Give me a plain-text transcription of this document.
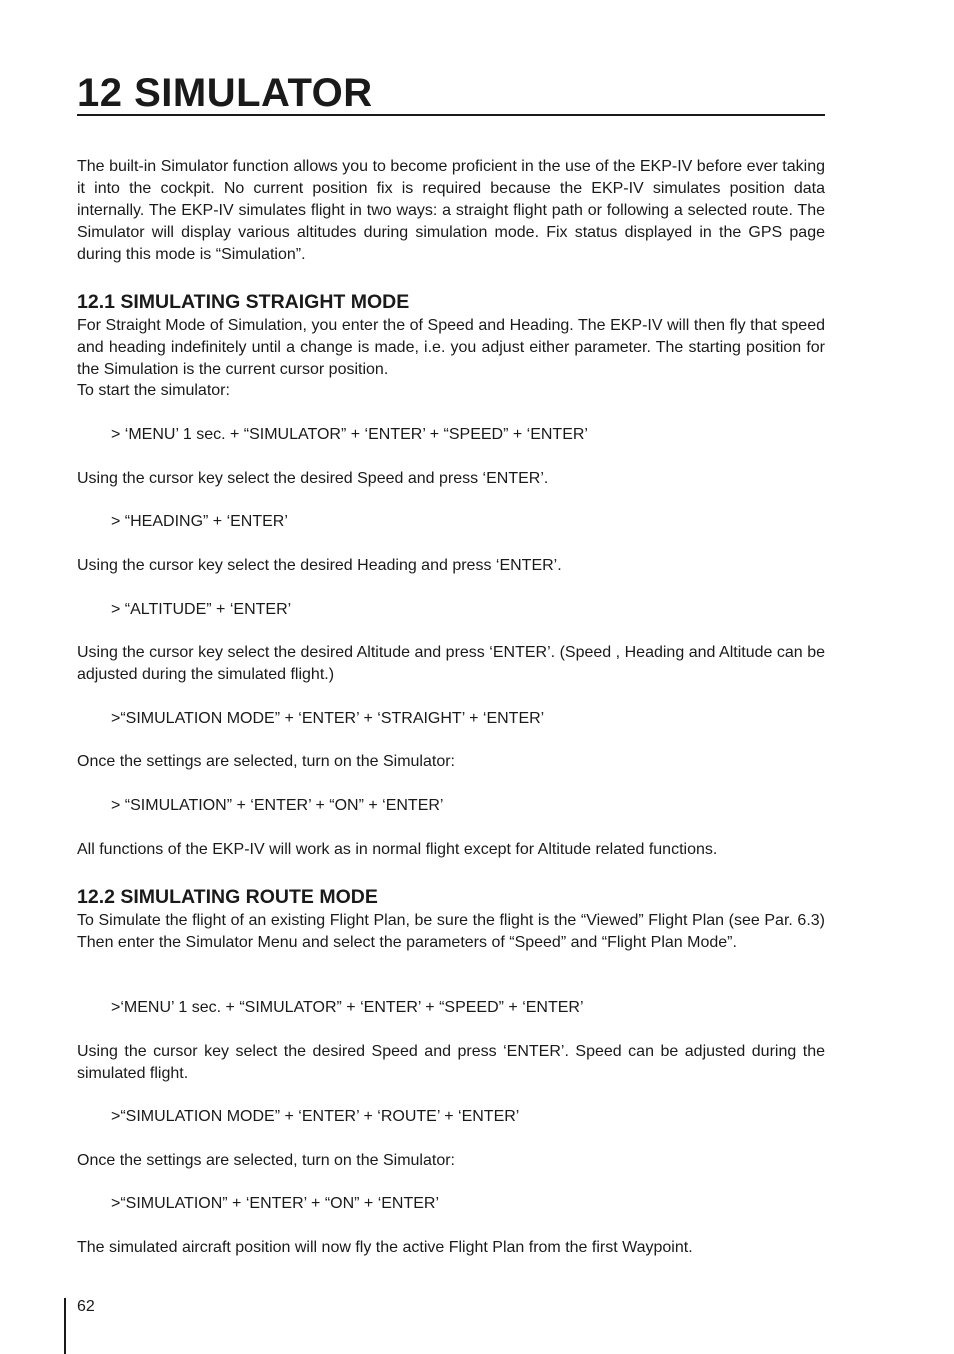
12 SIMULATOR

The built-in Simulator function allows you to become proficient in the use of the EKP-IV before ever taking it into the cockpit. No current position fix is required because the EKP-IV simulates position data internally. The EKP-IV simulates flight in two ways: a straight flight path or following a selected route. The Simulator will display various altitudes during simulation mode. Fix status displayed in the GPS page during this mode is “Simulation”.

12.1 SIMULATING STRAIGHT MODE

For Straight Mode of Simulation, you enter the of Speed and Heading. The EKP-IV will then fly that speed and heading indefinitely until a change is made, i.e. you adjust either parameter. The starting position for the Simulation is the current cursor position.

To start the simulator:

> ‘MENU’ 1 sec. + “SIMULATOR” + ‘ENTER’ + “SPEED” + ‘ENTER’

Using the cursor key select the desired Speed and press ‘ENTER’.

> “HEADING” + ‘ENTER’

Using the cursor key select the desired Heading and press ‘ENTER’.

> “ALTITUDE” + ‘ENTER’

Using the cursor key select the desired Altitude and press ‘ENTER’. (Speed , Heading and Altitude can be adjusted during the simulated flight.)

>“SIMULATION MODE” + ‘ENTER’ + ‘STRAIGHT’ + ‘ENTER’

Once the settings are selected, turn on the Simulator:

> “SIMULATION” + ‘ENTER’ + “ON” + ‘ENTER’

All functions of the EKP-IV will work as in normal flight except for Altitude related functions.

12.2 SIMULATING ROUTE MODE

To Simulate the flight of an existing Flight Plan, be sure the flight is the “Viewed” Flight Plan (see Par. 6.3) Then enter the Simulator Menu and select the parameters of “Speed” and “Flight Plan Mode”.

>‘MENU’ 1 sec. + “SIMULATOR” + ‘ENTER’ + “SPEED” + ‘ENTER’

Using the cursor key select the desired Speed and press ‘ENTER’. Speed can be adjusted during the simulated flight.

>“SIMULATION MODE” + ‘ENTER’ + ‘ROUTE’ + ‘ENTER’

Once the settings are selected, turn on the Simulator:

>“SIMULATION” + ‘ENTER’ + “ON” + ‘ENTER’

The simulated aircraft position will now fly the active Flight Plan from the first Waypoint.

62
